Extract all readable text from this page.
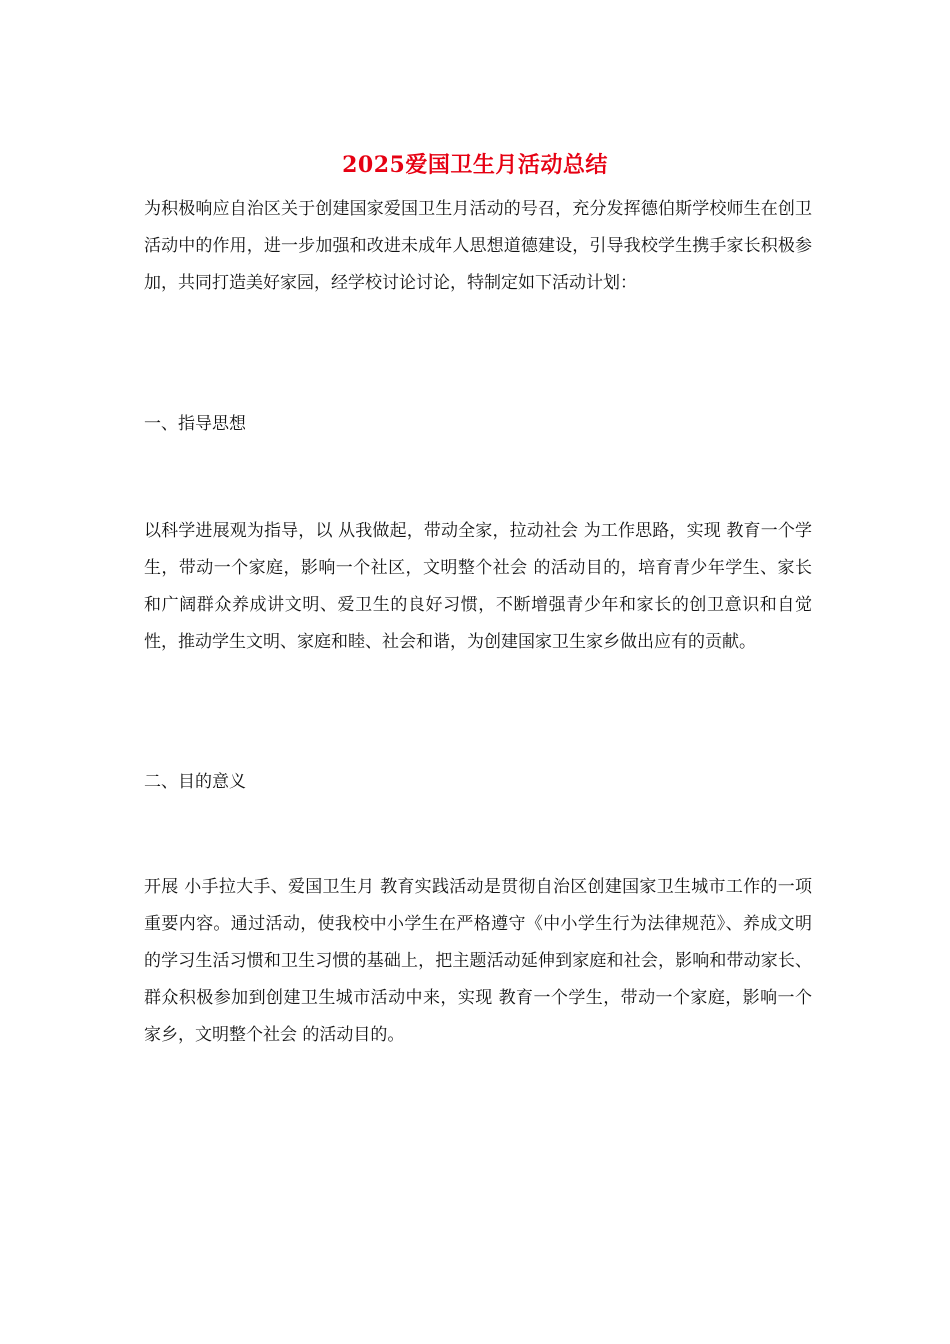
2025爱国卫生月活动总结
为积极响应自治区关于创建国家爱国卫生月活动的号召，充分发挥德伯斯学校师生在创卫活动中的作用，进一步加强和改进未成年人思想道德建设，引导我校学生携手家长积极参加，共同打造美好家园，经学校讨论讨论，特制定如下活动计划：
一、指导思想
以科学进展观为指导，以 从我做起，带动全家，拉动社会 为工作思路，实现 教育一个学生，带动一个家庭，影响一个社区，文明整个社会 的活动目的，培育青少年学生、家长和广阔群众养成讲文明、爱卫生的良好习惯，不断增强青少年和家长的创卫意识和自觉性，推动学生文明、家庭和睦、社会和谐，为创建国家卫生家乡做出应有的贡献。
二、目的意义
开展 小手拉大手、爱国卫生月 教育实践活动是贯彻自治区创建国家卫生城市工作的一项重要内容。通过活动，使我校中小学生在严格遵守《中小学生行为法律规范》、养成文明的学习生活习惯和卫生习惯的基础上，把主题活动延伸到家庭和社会，影响和带动家长、群众积极参加到创建卫生城市活动中来，实现 教育一个学生，带动一个家庭，影响一个家乡，文明整个社会 的活动目的。
